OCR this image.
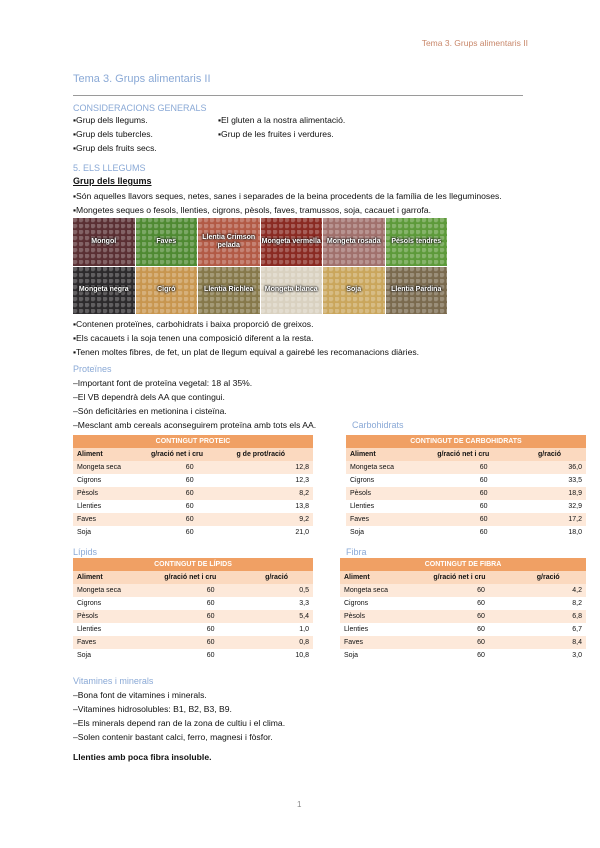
Tema 3. Grups alimentaris II
Tema 3. Grups alimentaris II
CONSIDERACIONS GENERALS
▪ Grup dels llegums.
▪ Grup dels tubercles.
▪ Grup dels fruits secs.
▪ El gluten a la nostra alimentació.
▪ Grup de les fruites i verdures.
5. ELS LLEGUMS
Grup dels llegums
▪ Són aquelles llavors seques, netes, sanes i separades de la beina procedents de la família de les lleguminoses.
▪ Mongetes seques o fesols, llenties, cigrons, pèsols, faves, tramussos, soja, cacauet i garrofa.
Mongol	Faves
Llentia Crimson pelada
Mongeta vermella Mongeta rosada Pèsols tendres
Mongeta negra	Cigró	Llentia Richlea Mongeta blanca	Soja	Llentia Pardina
▪ Contenen proteïnes, carbohidrats i baixa proporció de greixos.
▪ Els cacauets i la soja tenen una composició diferent a la resta.
▪ Tenen moltes fibres, de fet, un plat de llegum equival a gairebé les recomanacions diàries.
Proteïnes
– Important font de proteïna vegetal: 18 al 35%.
– El VB dependrà dels AA que contingui.
– Són deficitàries en metionina i cisteïna.
– Mesclant amb cereals aconseguirem proteïna amb tots els AA.	Carbohidrats
CONTINGUT PROTEIC		
Aliment	g/ració net i cru	g de prot/ració
Mongeta seca	60	12,8
Cigrons	60	12,3
Pèsols	60	8,2
Llenties	60	13,8
Faves	60	9,2
Soja	60	21,0
CONTINGUT DE CARBOHIDRATS		
Aliment	g/ració net i cru	g/ració
Mongeta seca	60	36,0
Cigrons	60	33,5
Pèsols	60	18,9
Llenties	60	32,9
Faves	60	17,2
Soja	60	18,0
Lípids	Fibra
CONTINGUT DE LÍPIDS		
Aliment	g/ració net i cru	g/ració
Mongeta seca	60	0,5
Cigrons	60	3,3
Pèsols	60	5,4
Llenties	60	1,0
Faves	60	0,8
Soja	60	10,8
CONTINGUT DE FIBRA		
Aliment	g/ració net i cru	g/ració
Mongeta seca	60	4,2
Cigrons	60	8,2
Pèsols	60	6,8
Llenties	60	6,7
Faves	60	8,4
Soja	60	3,0
Vitamines i minerals
– Bona font de vitamines i minerals.
– Vitamines hidrosolubles: B1, B2, B3, B9.
– Els minerals depend ran de la zona de cultiu i el clima.
– Solen contenir bastant calci, ferro, magnesi i fòsfor.
Llenties amb poca fibra insoluble.
1
